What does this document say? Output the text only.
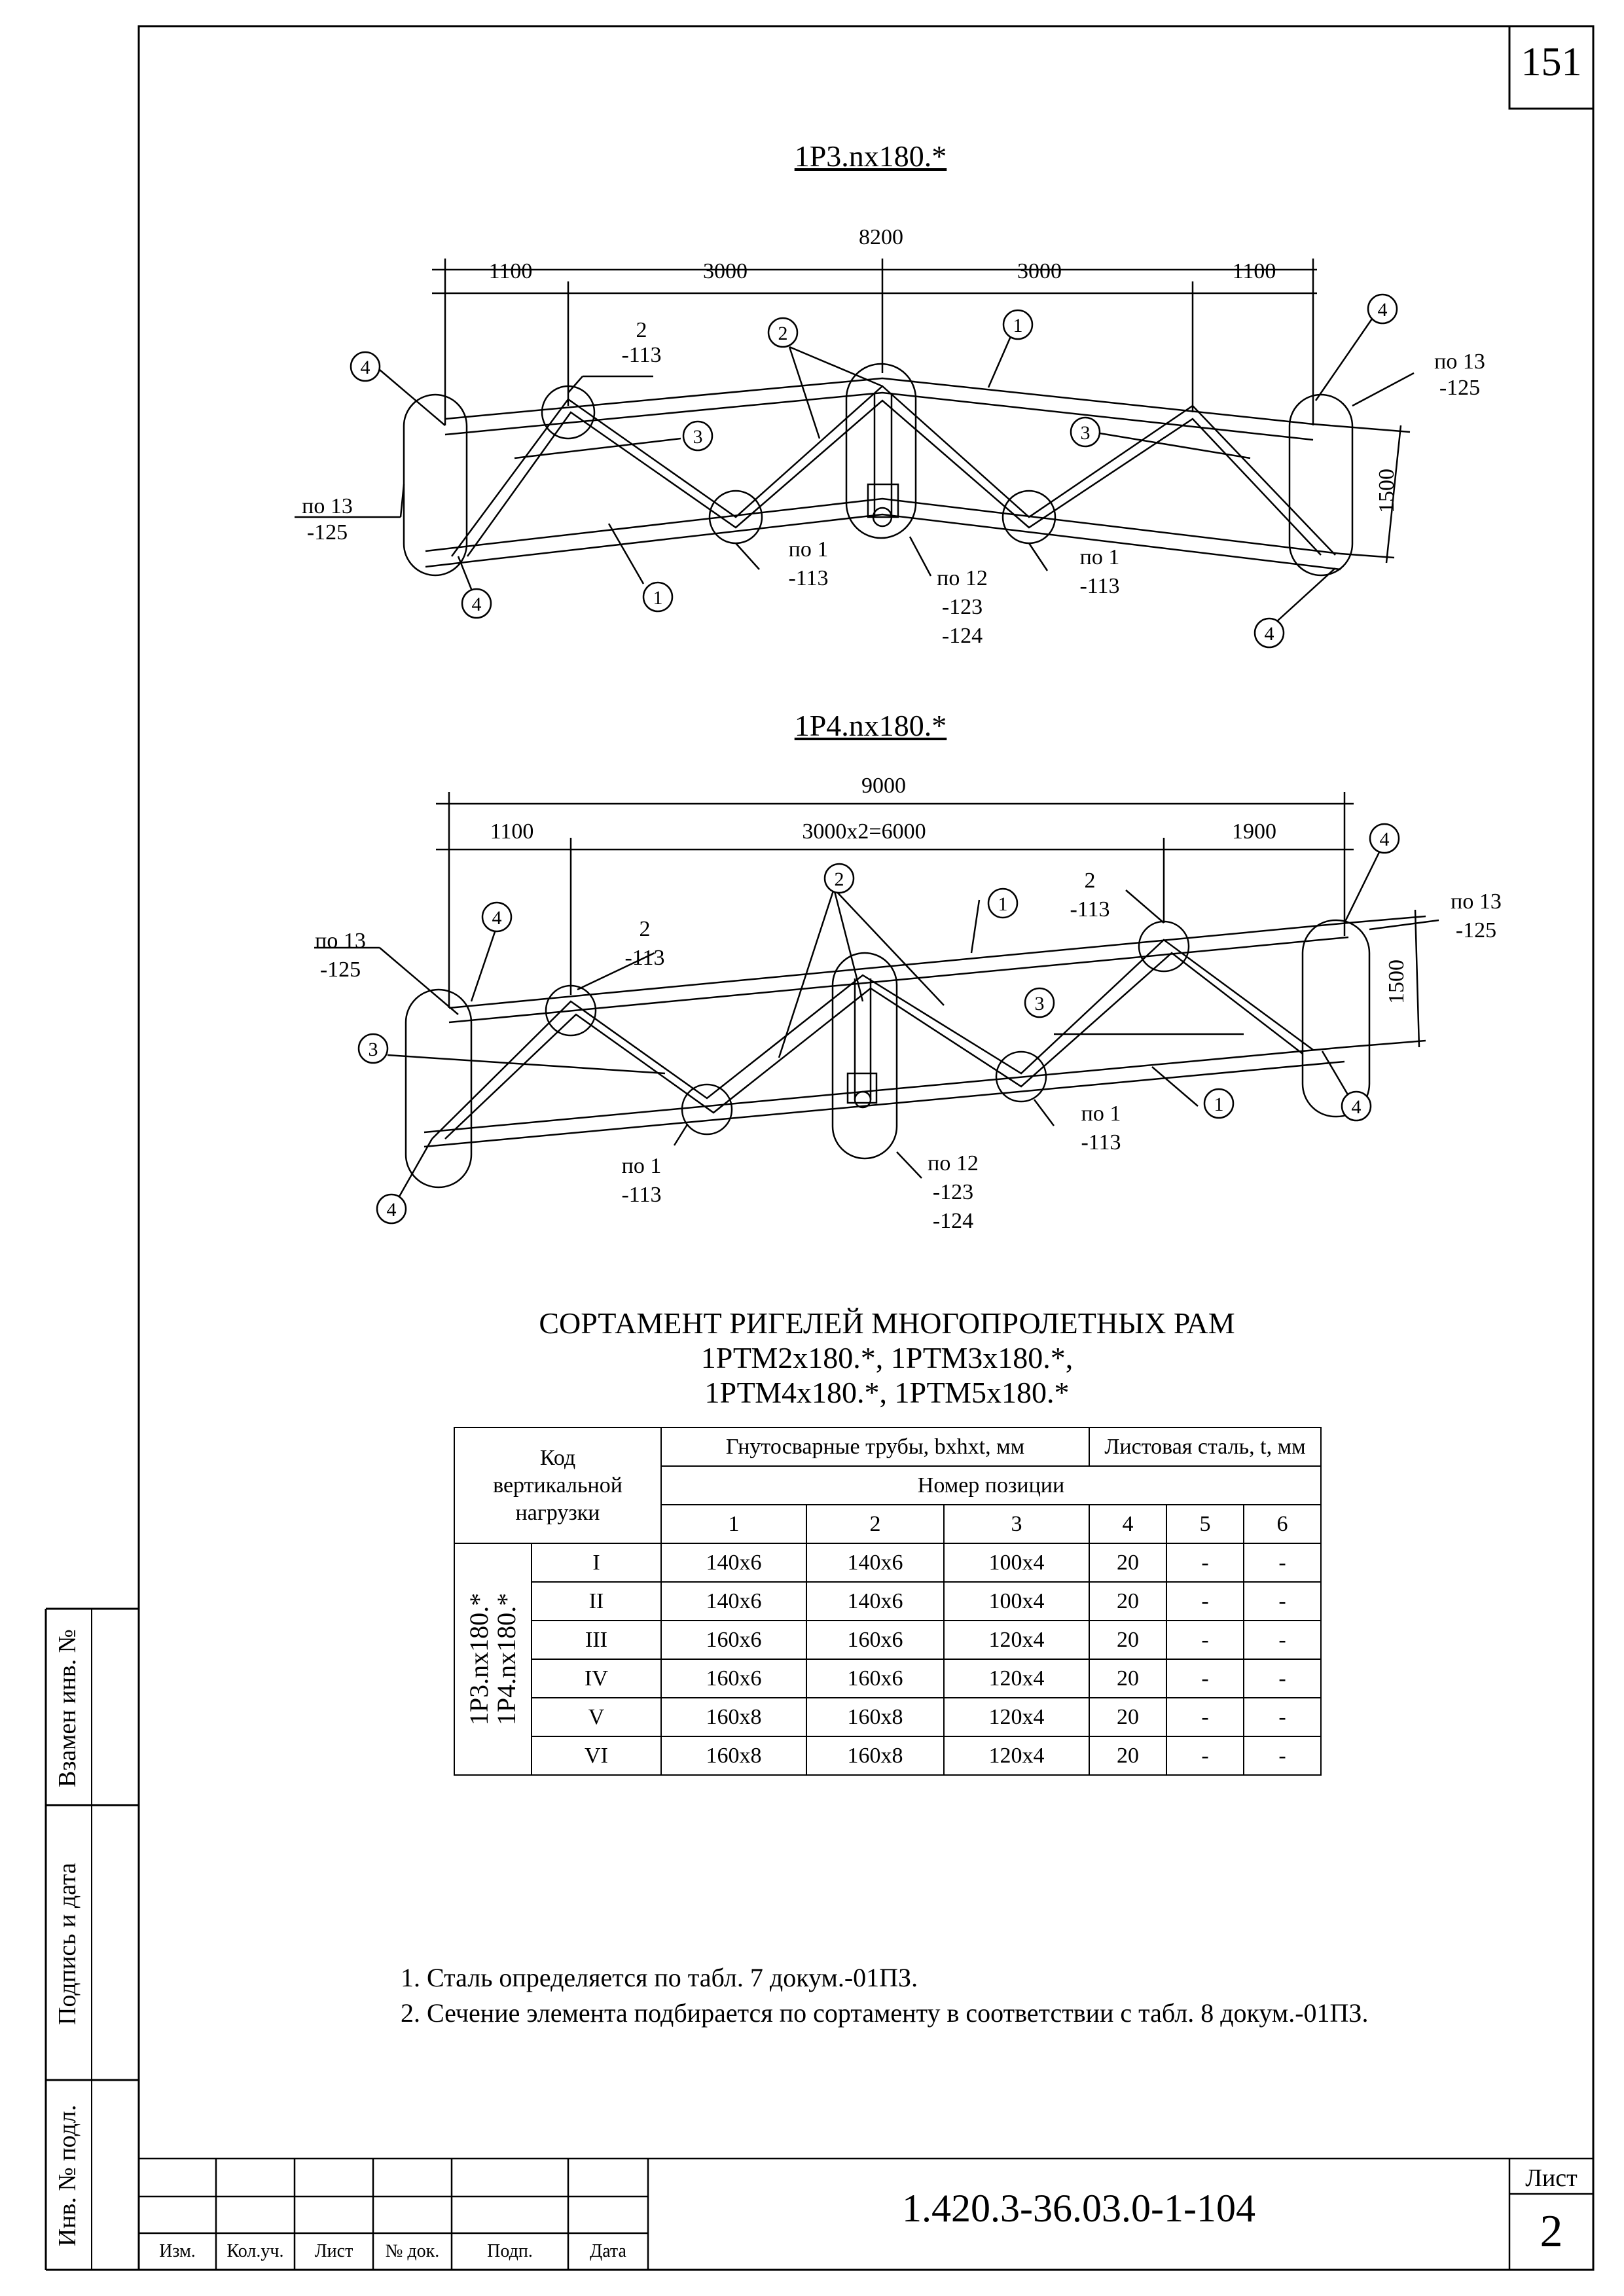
151
Взамен инв. №
Подпись и дата
Инв. № подл.
1Р3.nх180.*
4
2	1
3	3
4
4	1
4
8200
1100	3000	3000	1100
1500
2
-113
по 13
-125
по 13
-125
по 1
-113
по 1
-113
по 12
-123
-124
1Р4.nх180.*
4
2
1
3
3
4
4
1
4
9000
1100	3000х2=6000	1900
1500
2
-113
2
-113
по 13
-125
по 13
-125
по 1
-113
по 1
-113
по 12
-123
-124
СОРТАМЕНТ РИГЕЛЕЙ МНОГОПРОЛЕТНЫХ РАМ
1РТМ2х180.*, 1РТМ3х180.*,
1РТМ4х180.*, 1РТМ5х180.*
Код
вертикальной
нагрузки		Гнутосварные трубы, bxhxt, мм			Листовая сталь, t, мм		
		Номер позиции					
		1	2	3	4	5	6

1Р3.nх180.*
1Р4.nх180.*	I	140х6	140х6	100х4	20	-	-
	II	140х6	140х6	100х4	20	-	-
	III	160х6	160х6	120х4	20	-	-
	IV	160х6	160х6	120х4	20	-	-
	V	160х8	160х8	120х4	20	-	-
	VI	160х8	160х8	120х4	20	-	-
1. Сталь определяется по табл. 7 докум.-01ПЗ.
2. Сечение элемента подбирается по сортаменту в соответствии с табл. 8 докум.-01ПЗ.
Изм.	Кол.уч.	Лист	№ док.	Подп.	Дата
1.420.3-36.03.0-1-104
Лист
2
